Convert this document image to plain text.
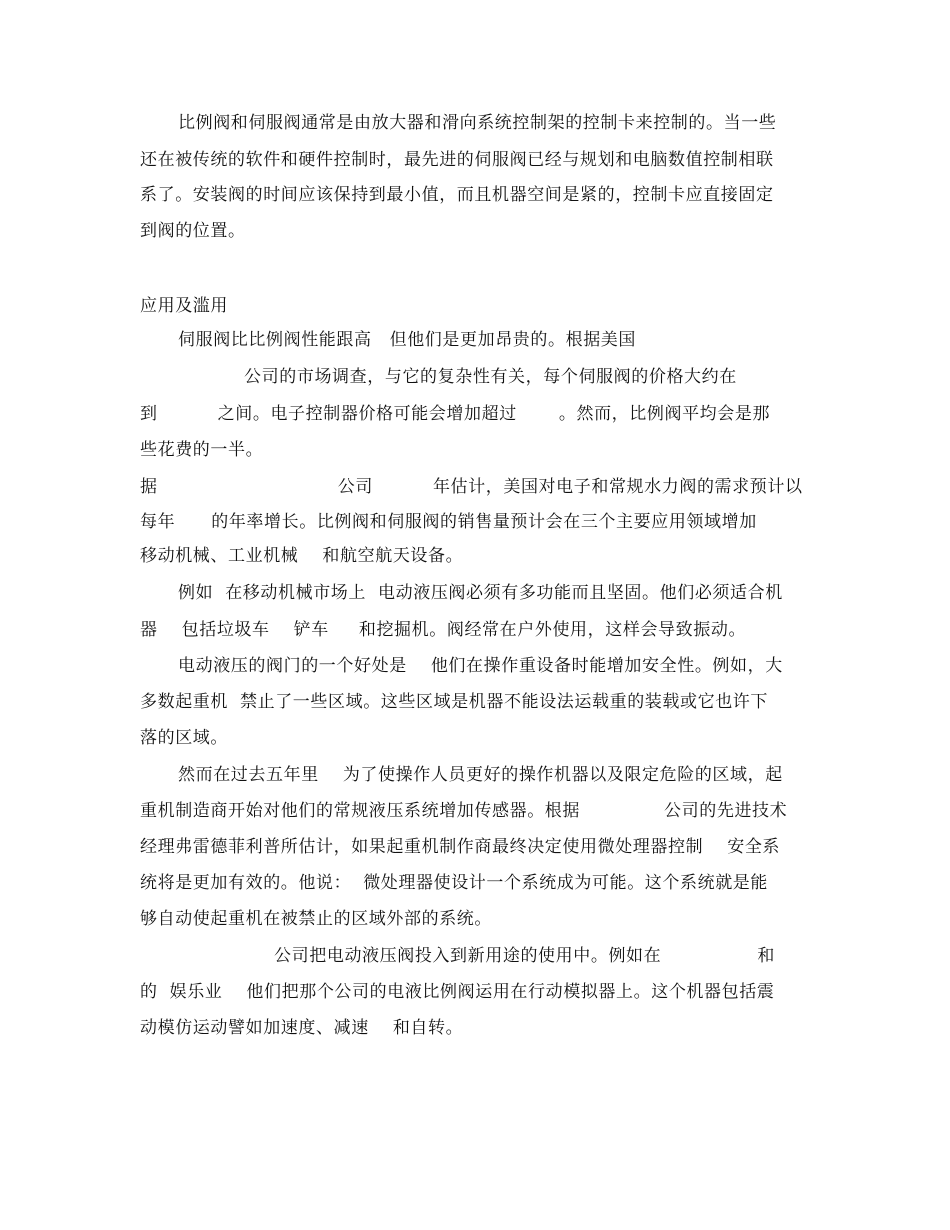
比例阀和伺服阀通常是由放大器和滑向系统控制架的控制卡来控制的。当一些
还在被传统的软件和硬件控制时，最先进的伺服阀已经与规划和电脑数值控制相联
系了。安装阀的时间应该保持到最小值，而且机器空间是紧的，控制卡应直接固定
到阀的位置。
应用及滥用
伺服阀比比例阀性能跟高   但他们是更加昂贵的。根据美国
公司的市场调查，与它的复杂性有关，每个伺服阀的价格大约在
到          之间。电子控制器价格可能会增加超过       。然而，比例阀平均会是那
些花费的一半。
据                              公司          年估计，美国对电子和常规水力阀的需求预计以
每年      的年率增长。比例阀和伺服阀的销售量预计会在三个主要应用领域增加
移动机械、工业机械    和航空航天设备。
例如  在移动机械市场上  电动液压阀必须有多功能而且坚固。他们必须适合机
器    包括垃圾车    铲车     和挖掘机。阀经常在户外使用，这样会导致振动。
电动液压的阀门的一个好处是    他们在操作重设备时能增加安全性。例如，大
多数起重机  禁止了一些区域。这些区域是机器不能设法运载重的装载或它也许下
落的区域。
然而在过去五年里    为了使操作人员更好的操作机器以及限定危险的区域，起
重机制造商开始对他们的常规液压系统增加传感器。根据              公司的先进技术
经理弗雷德菲利普所估计，如果起重机制作商最终决定使用微处理器控制    安全系
统将是更加有效的。他说：  微处理器使设计一个系统成为可能。这个系统就是能
够自动使起重机在被禁止的区域外部的系统。
公司把电动液压阀投入到新用途的使用中。例如在                和
的  娱乐业    他们把那个公司的电液比例阀运用在行动模拟器上。这个机器包括震
动模仿运动譬如加速度、减速    和自转。
